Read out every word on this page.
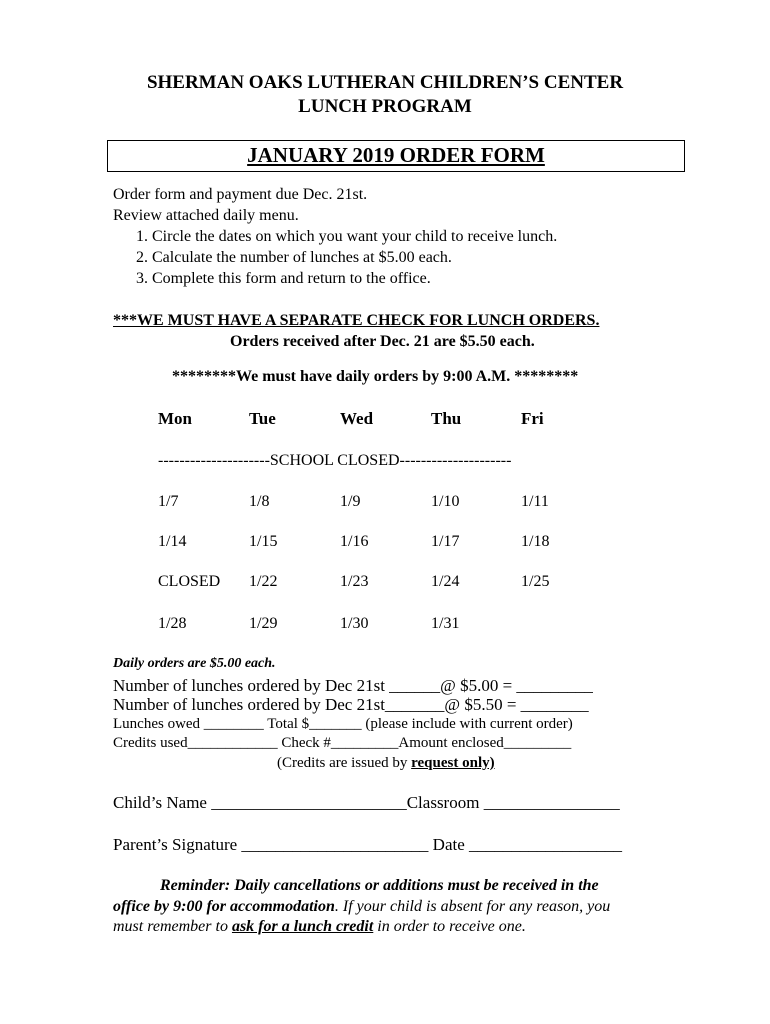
SHERMAN OAKS LUTHERAN CHILDREN’S CENTER
LUNCH PROGRAM
JANUARY 2019 ORDER FORM
Order form and payment due Dec. 21st.
Review attached daily menu.
1. Circle the dates on which you want your child to receive lunch.
2. Calculate the number of lunches at $5.00 each.
3. Complete this form and return to the office.
***WE MUST HAVE A SEPARATE CHECK FOR LUNCH ORDERS.
Orders received after Dec. 21 are $5.50 each.
********We must have daily orders by 9:00 A.M. ********
Mon	Tue	Wed	Thu	Fri
---------------------SCHOOL CLOSED---------------------
1/7	1/8	1/9	1/10	1/11
1/14	1/15	1/16	1/17	1/18
CLOSED 1/22	1/23	1/24	1/25
1/28	1/29	1/30	1/31
Daily orders are $5.00 each.
Number of lunches ordered by Dec 21st ______@ $5.00 = _________
Number of lunches ordered by Dec 21st_______@ $5.50 = ________
Lunches owed ________ Total $_______ (please include with current order)
Credits used____________ Check #_________Amount enclosed_________
(Credits are issued by request only)
Child’s Name _______________________Classroom ________________
Parent’s Signature ______________________ Date __________________
Reminder: Daily cancellations or additions must be received in the
office by 9:00 for accommodation. If your child is absent for any reason, you
must remember to ask for a lunch credit in order to receive one.
